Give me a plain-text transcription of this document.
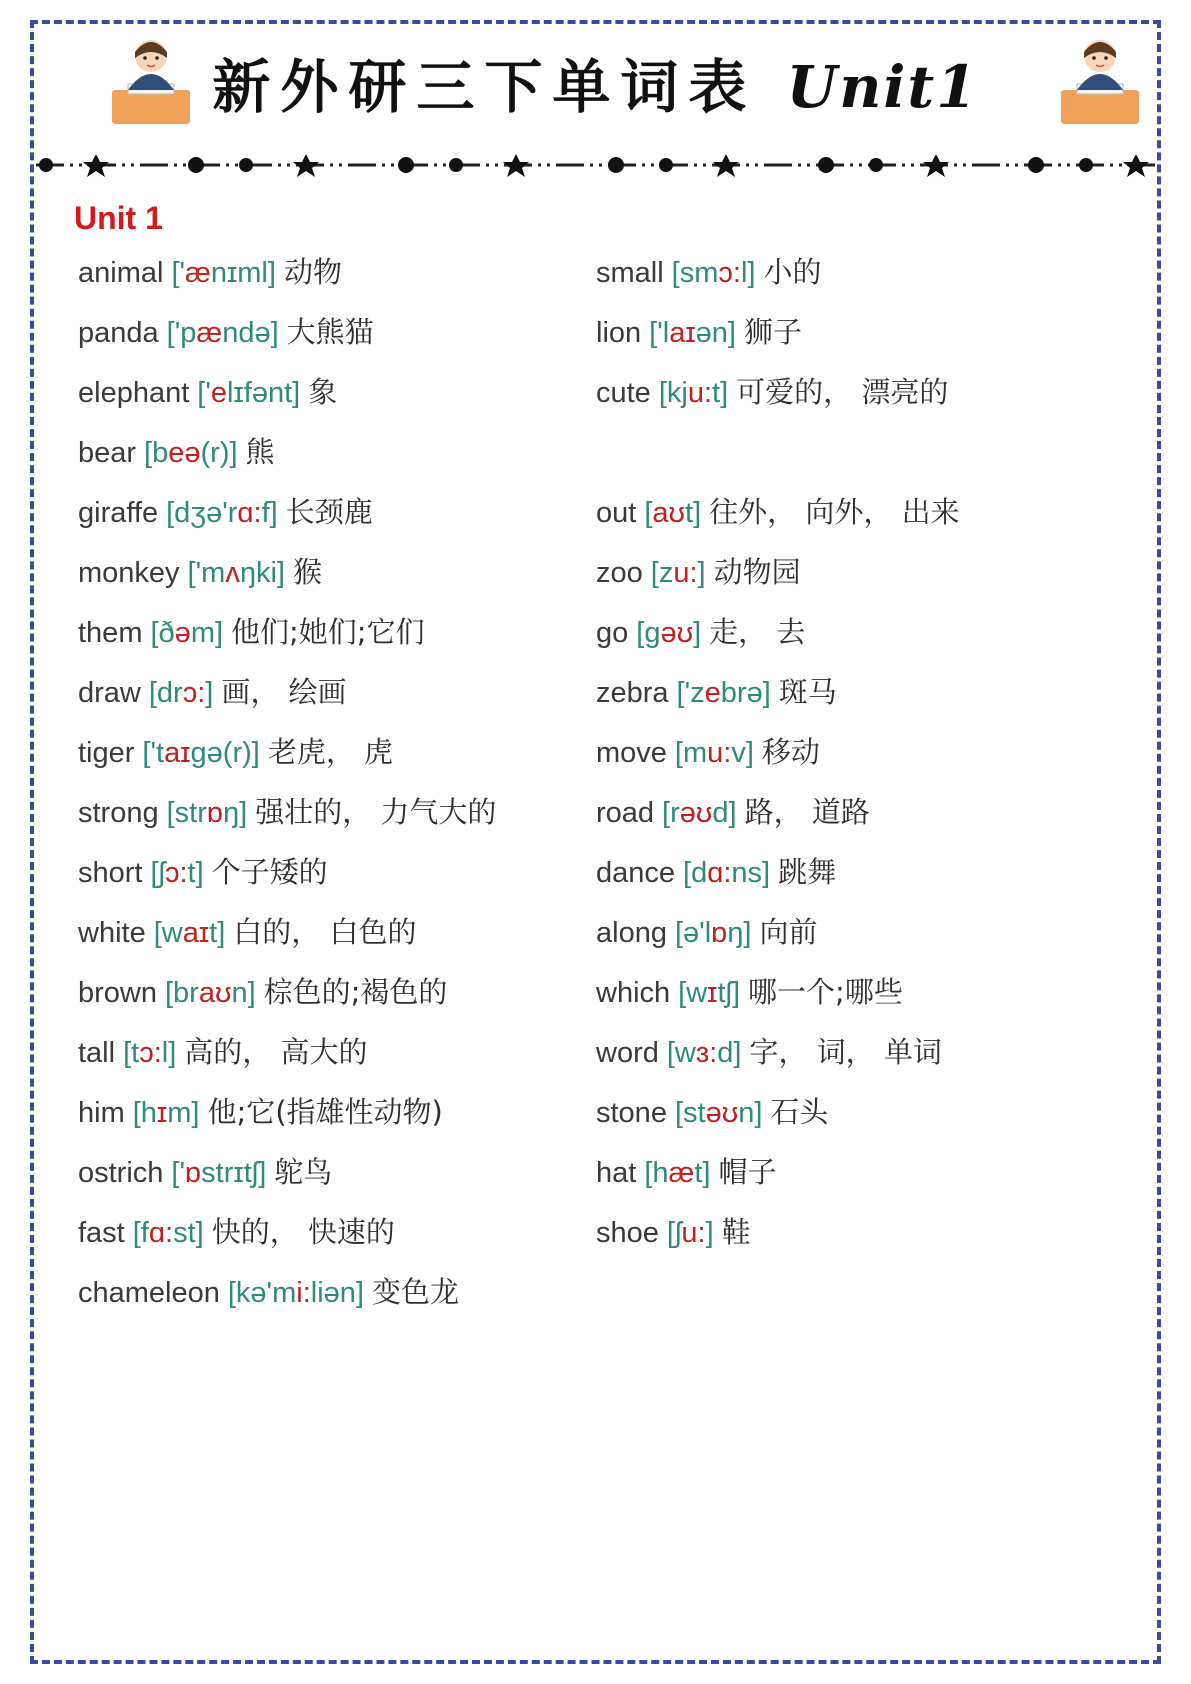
新外研三下单词表 Unit1
Unit 1
animal ['ænɪml] 动物
panda ['pændə] 大熊猫
elephant ['elɪfənt] 象
bear [beə(r)] 熊
giraffe [dʒə'rɑ:f] 长颈鹿
monkey ['mʌŋki] 猴
them [ðəm] 他们;她们;它们
draw [drɔ:] 画， 绘画
tiger ['taɪgə(r)] 老虎， 虎
strong [strɒŋ] 强壮的， 力气大的
short [ʃɔ:t] 个子矮的
white [waɪt] 白的， 白色的
brown [braʊn] 棕色的;褐色的
tall [tɔ:l] 高的， 高大的
him [hɪm] 他;它(指雄性动物)
ostrich ['ɒstrɪtʃ] 鸵鸟
fast [fɑ:st] 快的， 快速的
chameleon [kə'mi:liən] 变色龙
small [smɔ:l] 小的
lion ['laɪən] 狮子
cute [kju:t] 可爱的， 漂亮的
out [aʊt] 往外， 向外， 出来
zoo [zu:] 动物园
go [gəʊ] 走， 去
zebra ['zebrə] 斑马
move [mu:v] 移动
road [rəʊd] 路， 道路
dance [dɑ:ns] 跳舞
along [ə'lɒŋ] 向前
which [wɪtʃ] 哪一个;哪些
word [wɜ:d] 字， 词， 单词
stone [stəʊn] 石头
hat [hæt] 帽子
shoe [ʃu:] 鞋
